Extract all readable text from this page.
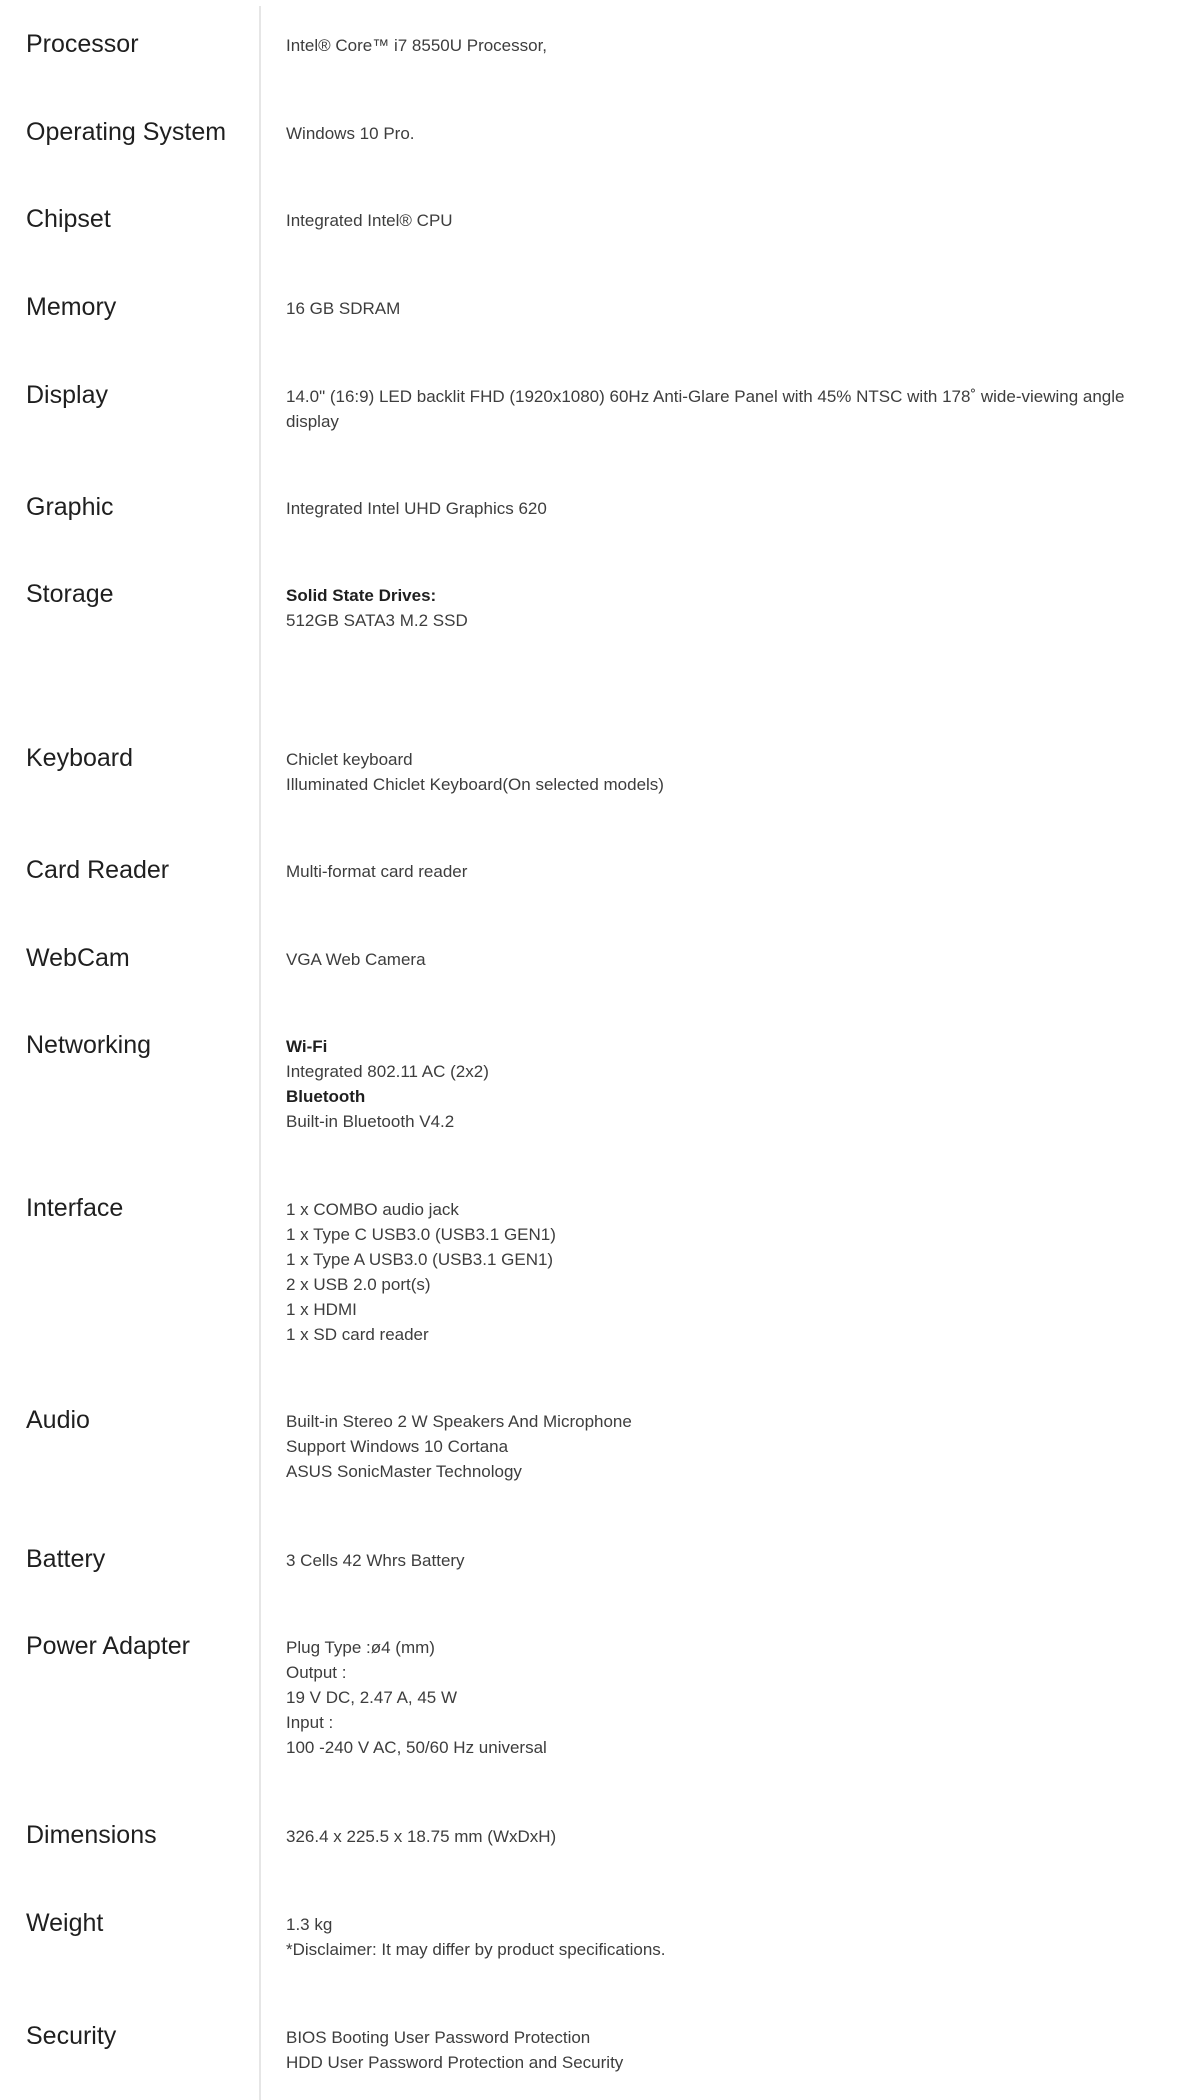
Processor	Intel® Core™ i7 8550U Processor,
Operating System	Windows 10 Pro.
Chipset	Integrated Intel® CPU
Memory	16 GB SDRAM
Display	14.0" (16:9) LED backlit FHD (1920x1080) 60Hz Anti-Glare Panel with 45% NTSC with 178˚ wide-viewing angle display
Graphic	Integrated Intel UHD Graphics 620
Storage	Solid State Drives:
512GB SATA3 M.2 SSD
Keyboard	Chiclet keyboard
Illuminated Chiclet Keyboard(On selected models)
Card Reader	Multi-format card reader
WebCam	VGA Web Camera
Networking	Wi-Fi
Integrated 802.11 AC (2x2)
Bluetooth
Built-in Bluetooth V4.2
Interface	1 x COMBO audio jack
1 x Type C USB3.0 (USB3.1 GEN1)
1 x Type A USB3.0 (USB3.1 GEN1)
2 x USB 2.0 port(s)
1 x HDMI
1 x SD card reader
Audio	Built-in Stereo 2 W Speakers And Microphone
Support Windows 10 Cortana
ASUS SonicMaster Technology
Battery	3 Cells 42 Whrs Battery
Power Adapter	Plug Type :ø4 (mm)
Output :
19 V DC, 2.47 A, 45 W
Input :
100 -240 V AC, 50/60 Hz universal
Dimensions	326.4 x 225.5 x 18.75 mm (WxDxH)
Weight	1.3 kg
*Disclaimer: It may differ by product specifications.
Security	BIOS Booting User Password Protection
HDD User Password Protection and Security
